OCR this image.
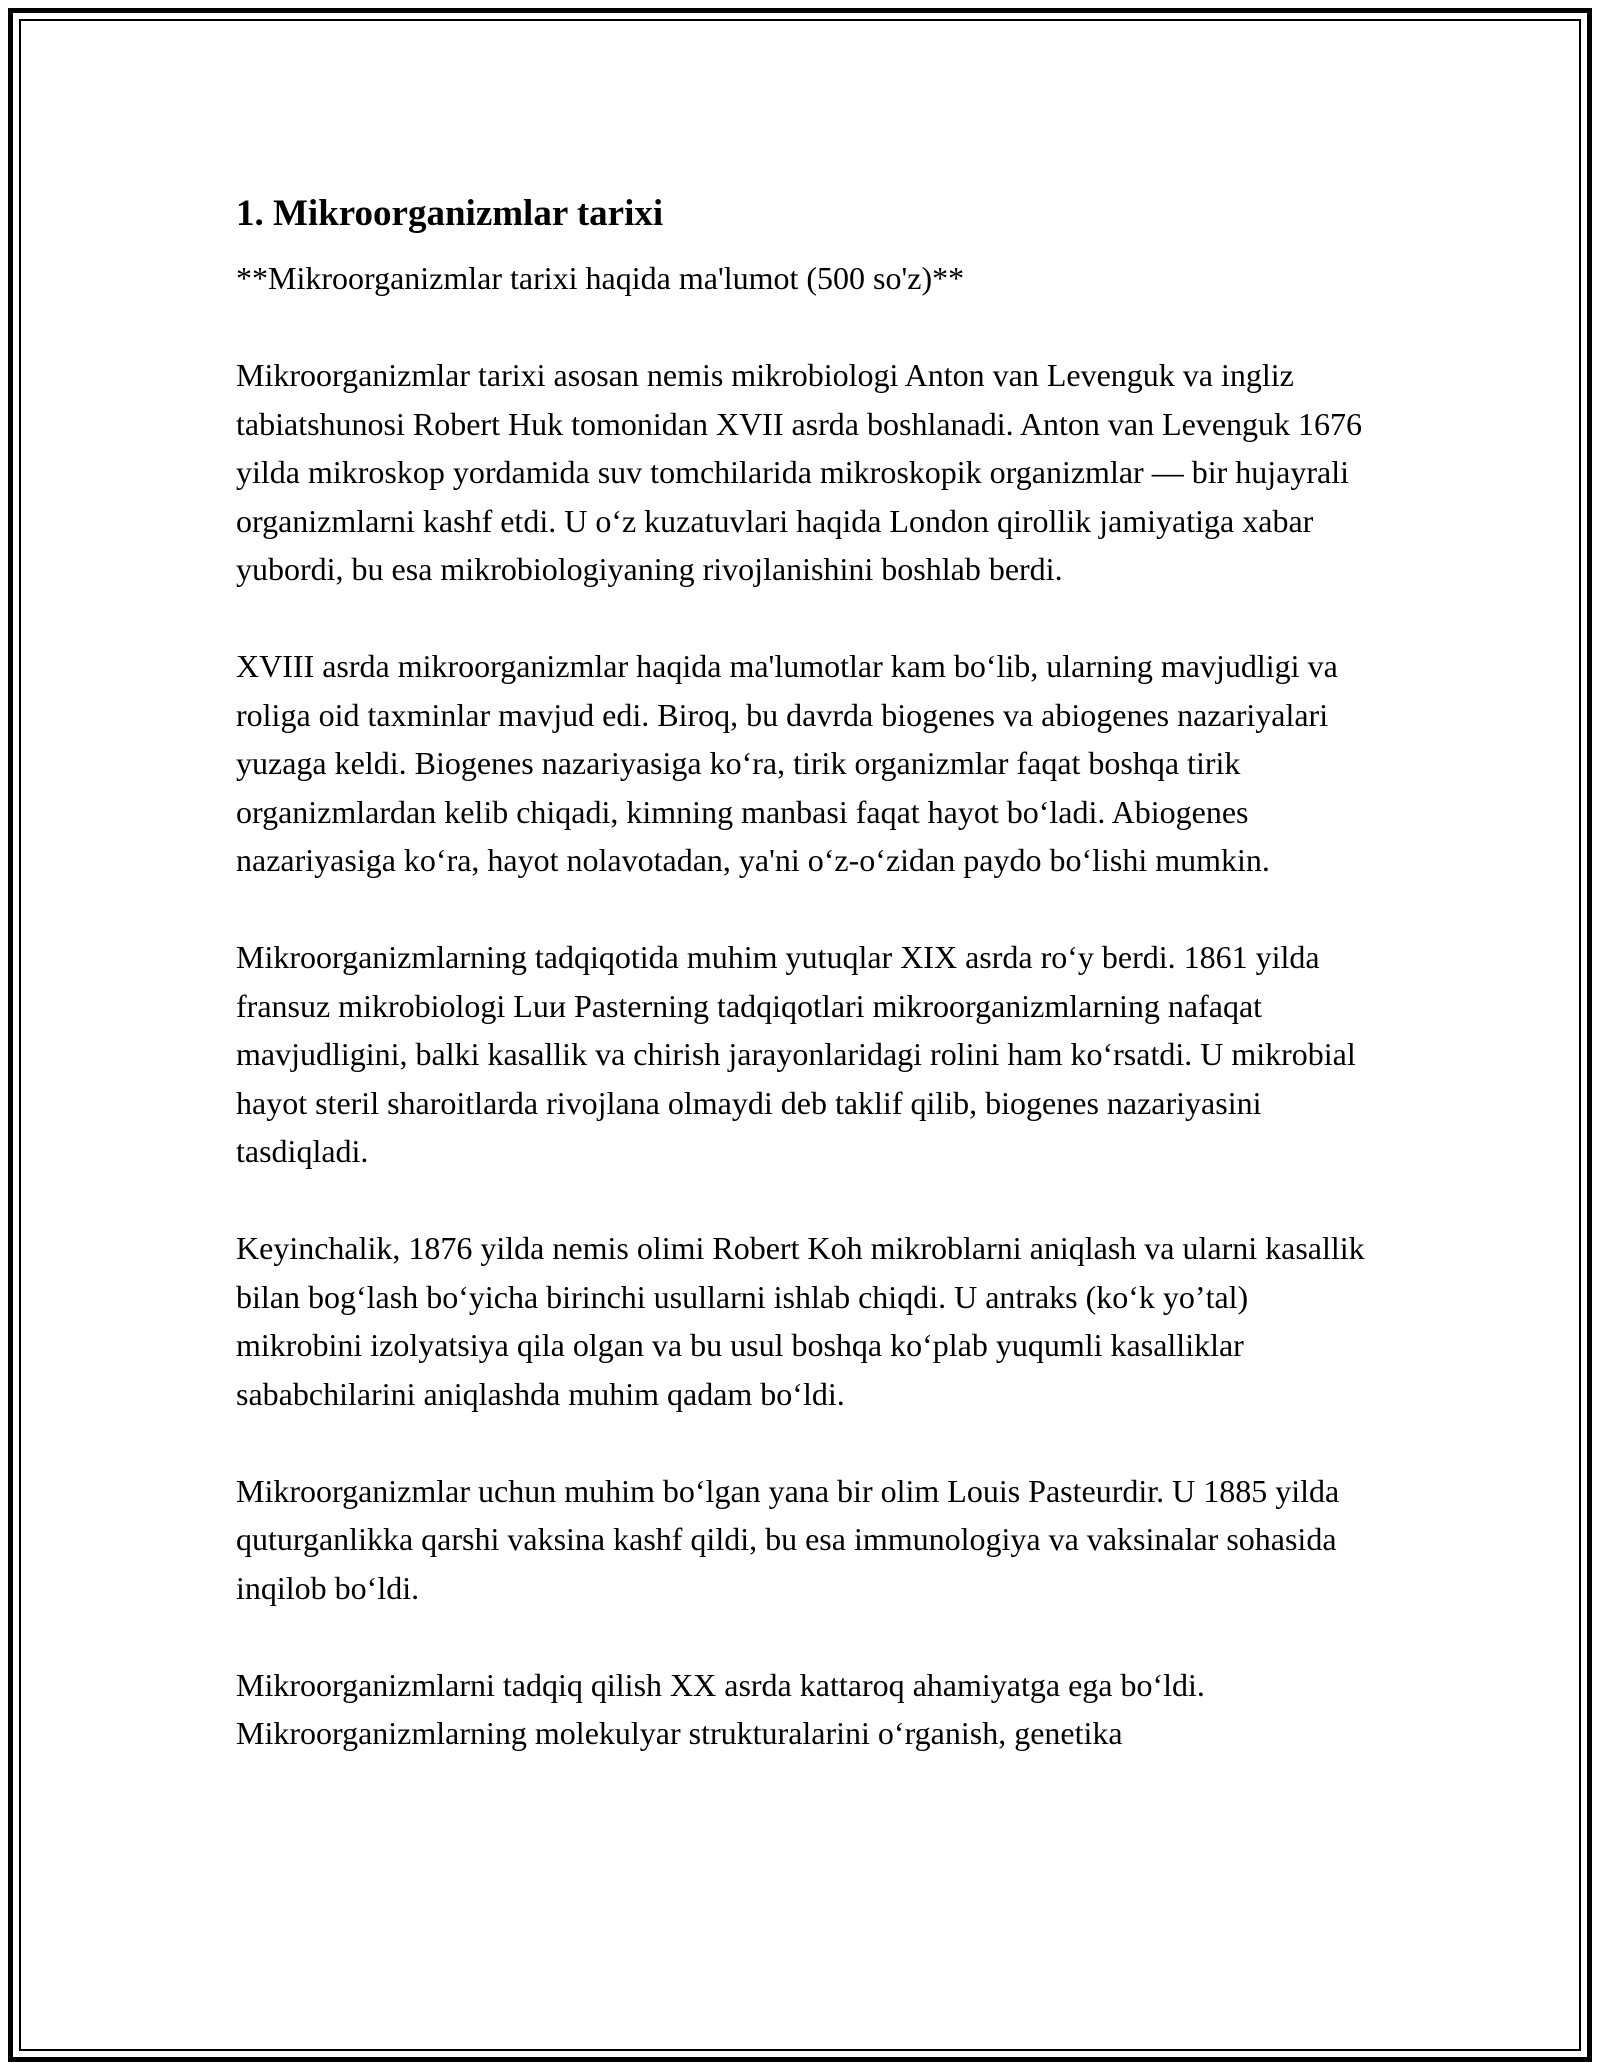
1. Mikroorganizmlar tarixi

**Mikroorganizmlar tarixi haqida ma'lumot (500 so'z)**

Mikroorganizmlar tarixi asosan nemis mikrobiologi Anton van Levenguk va ingliz tabiatshunosi Robert Huk tomonidan XVII asrda boshlanadi. Anton van Levenguk 1676 yilda mikroskop yordamida suv tomchilarida mikroskopik organizmlar — bir hujayrali organizmlarni kashf etdi. U oʻz kuzatuvlari haqida London qirollik jamiyatiga xabar yubordi, bu esa mikrobiologiyaning rivojlanishini boshlab berdi.

XVIII asrda mikroorganizmlar haqida ma'lumotlar kam boʻlib, ularning mavjudligi va roliga oid taxminlar mavjud edi. Biroq, bu davrda biogenes va abiogenes nazariyalari yuzaga keldi. Biogenes nazariyasiga koʻra, tirik organizmlar faqat boshqa tirik organizmlardan kelib chiqadi, kimning manbasi faqat hayot boʻladi. Abiogenes nazariyasiga koʻra, hayot nolavotadan, ya'ni oʻz-oʻzidan paydo boʻlishi mumkin.

Mikroorganizmlarning tadqiqotida muhim yutuqlar XIX asrda roʻy berdi. 1861 yilda fransuz mikrobiologi Luи Pasterning tadqiqotlari mikroorganizmlarning nafaqat mavjudligini, balki kasallik va chirish jarayonlaridagi rolini ham koʻrsatdi. U mikrobial hayot steril sharoitlarda rivojlana olmaydi deb taklif qilib, biogenes nazariyasini tasdiqladi.

Keyinchalik, 1876 yilda nemis olimi Robert Koh mikroblarni aniqlash va ularni kasallik bilan bogʻlash boʻyicha birinchi usullarni ishlab chiqdi. U antraks (koʻk yoʼtal) mikrobini izolyatsiya qila olgan va bu usul boshqa koʻplab yuqumli kasalliklar sababchilarini aniqlashda muhim qadam boʻldi.

Mikroorganizmlar uchun muhim boʻlgan yana bir olim Louis Pasteurdir. U 1885 yilda quturganlikka qarshi vaksina kashf qildi, bu esa immunologiya va vaksinalar sohasida inqilob boʻldi.

Mikroorganizmlarni tadqiq qilish XX asrda kattaroq ahamiyatga ega boʻldi. Mikroorganizmlarning molekulyar strukturalarini oʻrganish, genetika
